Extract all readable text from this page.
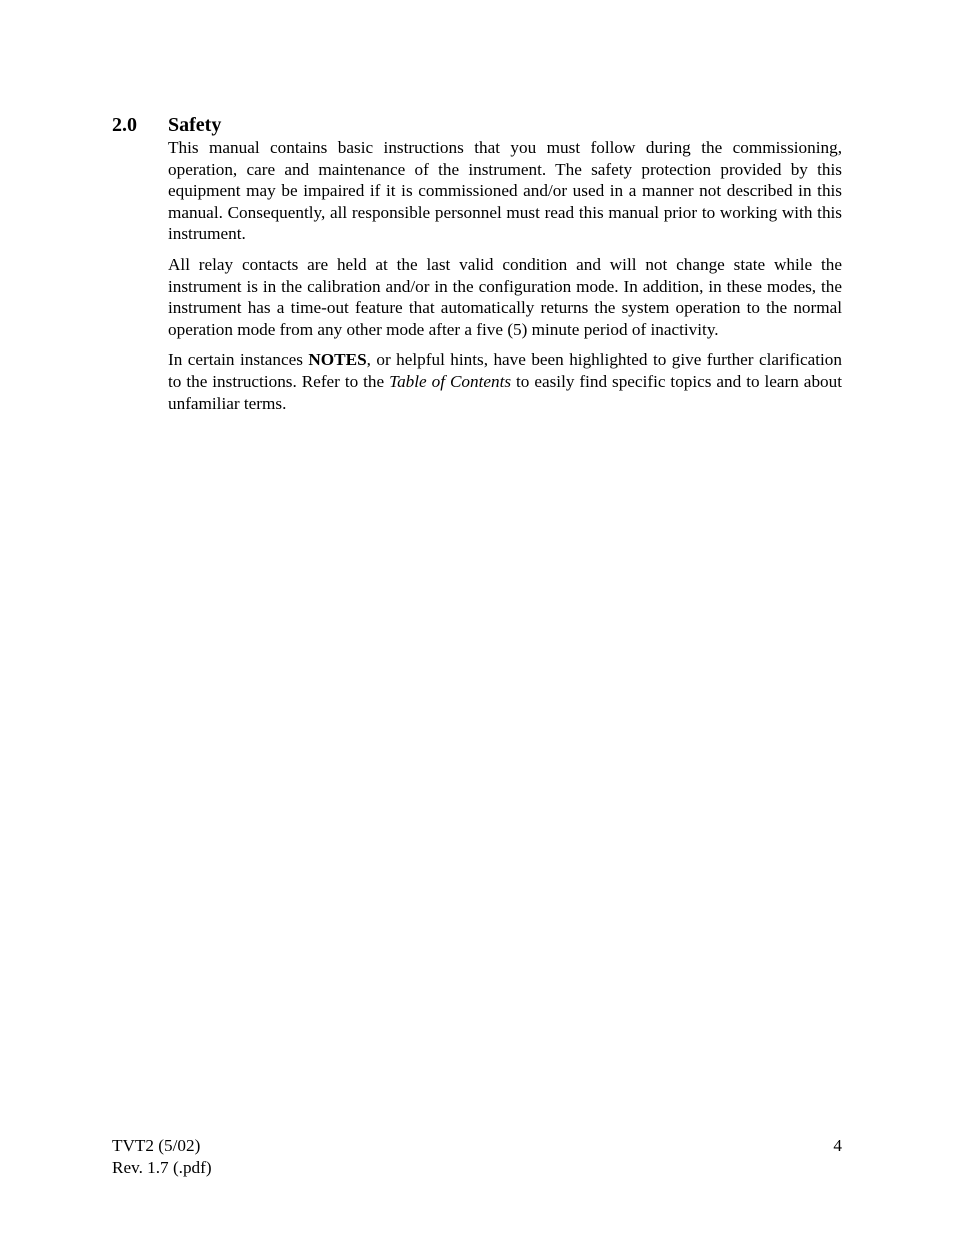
2.0 Safety

This manual contains basic instructions that you must follow during the commissioning, operation, care and maintenance of the instrument. The safety protection provided by this equipment may be impaired if it is commissioned and/or used in a manner not described in this manual. Consequently, all responsible personnel must read this manual prior to working with this instrument.

All relay contacts are held at the last valid condition and will not change state while the instrument is in the calibration and/or in the configuration mode. In addition, in these modes, the instrument has a time-out feature that automatically returns the system operation to the normal operation mode from any other mode after a five (5) minute period of inactivity.

In certain instances NOTES, or helpful hints, have been highlighted to give further clarification to the instructions. Refer to the Table of Contents to easily find specific topics and to learn about unfamiliar terms.

TVT2 (5/02)
Rev. 1.7 (.pdf)
4
